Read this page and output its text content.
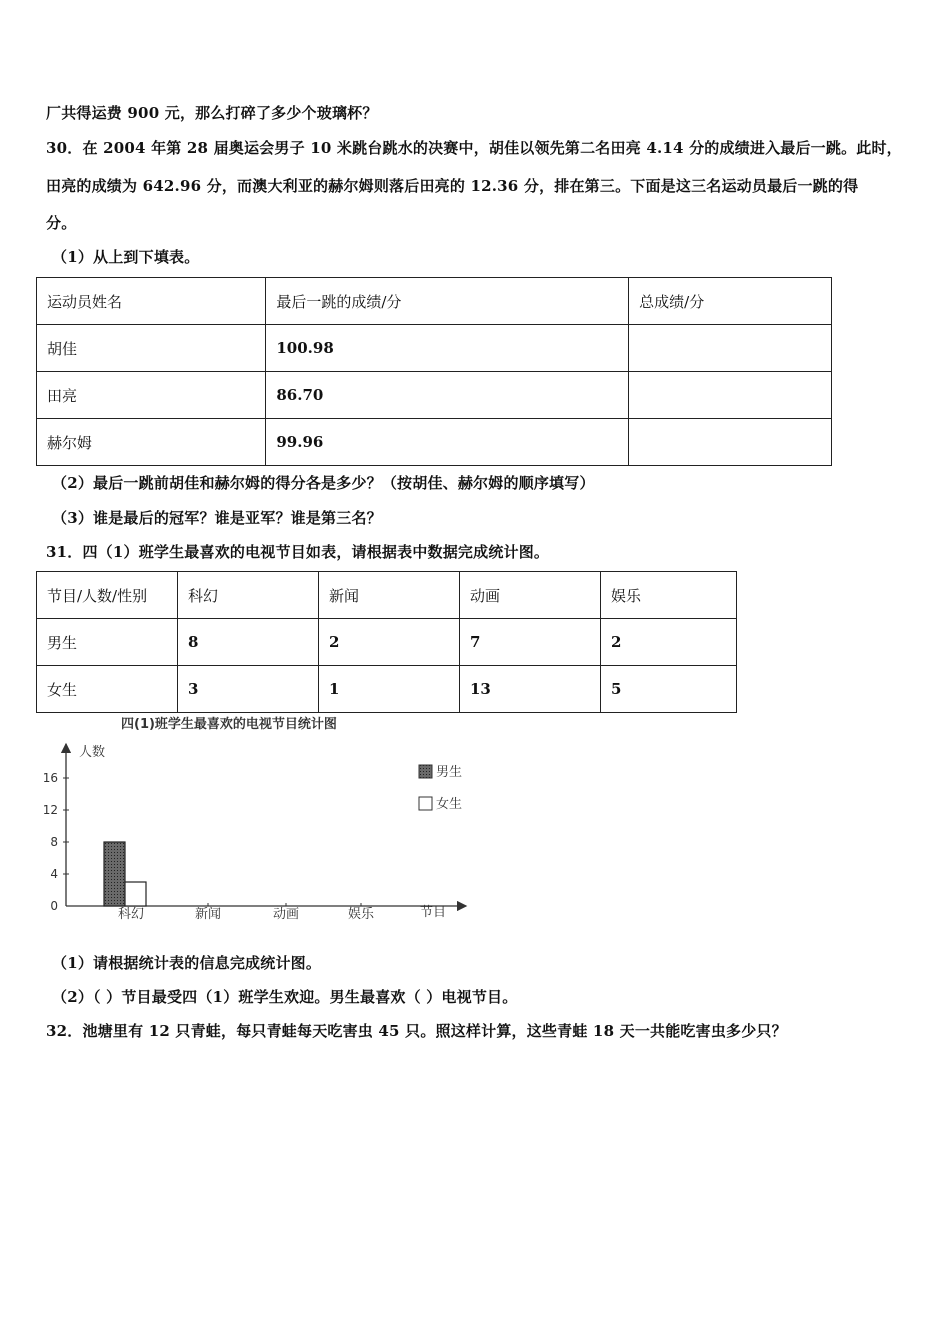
厂共得运费 900 元，那么打碎了多少个玻璃杯？
30．在 2004 年第 28 届奥运会男子 10 米跳台跳水的决赛中，胡佳以领先第二名田亮 4.14 分的成绩进入最后一跳。此时，
田亮的成绩为 642.96 分，而澳大利亚的赫尔姆则落后田亮的 12.36 分，排在第三。下面是这三名运动员最后一跳的得
分。
（1）从上到下填表。
运动员姓名	最后一跳的成绩/分	总成绩/分
胡佳	100.98	
田亮	86.70	
赫尔姆	99.96	
（2）最后一跳前胡佳和赫尔姆的得分各是多少？（按胡佳、赫尔姆的顺序填写）
（3）谁是最后的冠军？谁是亚军？谁是第三名？
31．四（1）班学生最喜欢的电视节目如表，请根据表中数据完成统计图。
节目/人数/性别	科幻	新闻	动画	娱乐
男生	8	2	7	2
女生	3	1	13	5
四(1)班学生最喜欢的电视节目统计图
人数
0
4
8
12
16
科幻	新闻	动画	娱乐	节目
男生
女生
（1）请根据统计表的信息完成统计图。
（2）（ ）节目最受四（1）班学生欢迎。男生最喜欢（ ）电视节目。
32．池塘里有 12 只青蛙，每只青蛙每天吃害虫 45 只。照这样计算，这些青蛙 18 天一共能吃害虫多少只？
